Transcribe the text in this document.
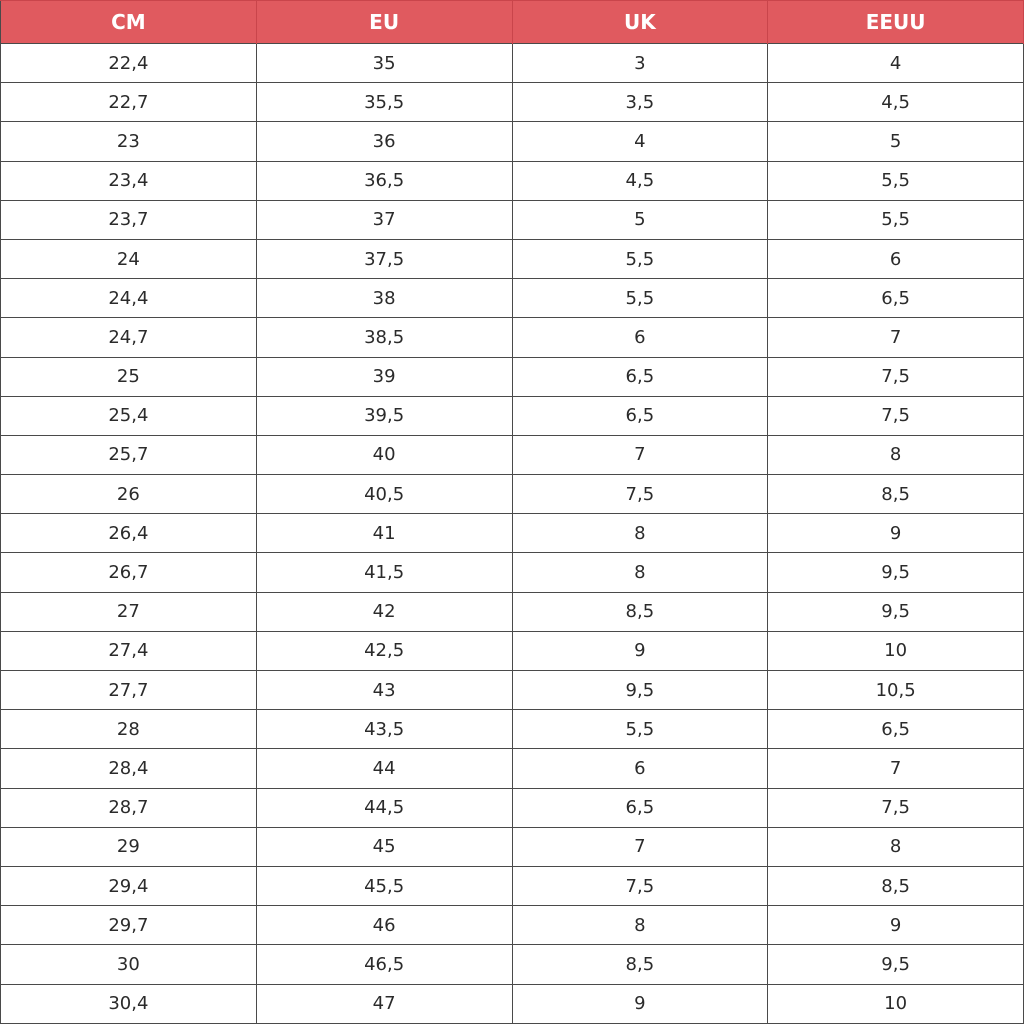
CM	EU	UK	EEUU
22,4	35	3	4
22,7	35,5	3,5	4,5
23	36	4	5
23,4	36,5	4,5	5,5
23,7	37	5	5,5
24	37,5	5,5	6
24,4	38	5,5	6,5
24,7	38,5	6	7
25	39	6,5	7,5
25,4	39,5	6,5	7,5
25,7	40	7	8
26	40,5	7,5	8,5
26,4	41	8	9
26,7	41,5	8	9,5
27	42	8,5	9,5
27,4	42,5	9	10
27,7	43	9,5	10,5
28	43,5	5,5	6,5
28,4	44	6	7
28,7	44,5	6,5	7,5
29	45	7	8
29,4	45,5	7,5	8,5
29,7	46	8	9
30	46,5	8,5	9,5
30,4	47	9	10
